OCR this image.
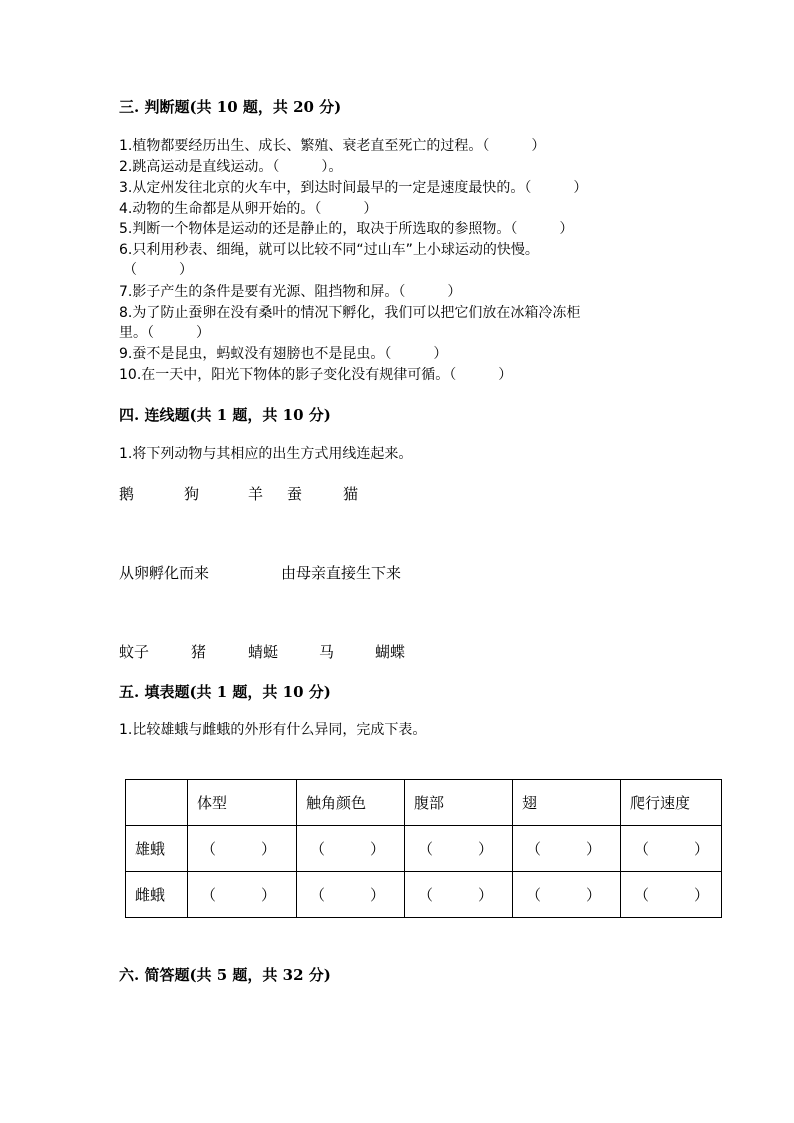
三. 判断题(共 10 题，共 20 分)
1.植物都要经历出生、成长、繁殖、衰老直至死亡的过程。（　　　）
2.跳高运动是直线运动。（　　　）。
3.从定州发往北京的火车中，到达时间最早的一定是速度最快的。（　　　）
4.动物的生命都是从卵开始的。（　　　）
5.判断一个物体是运动的还是静止的，取决于所选取的参照物。（　　　）
6.只利用秒表、细绳，就可以比较不同“过山车”上小球运动的快慢。
（　　　）
7.影子产生的条件是要有光源、阻挡物和屏。（　　　）
8.为了防止蚕卵在没有桑叶的情况下孵化，我们可以把它们放在冰箱冷冻柜
里。（　　　）
9.蚕不是昆虫，蚂蚁没有翅膀也不是昆虫。（　　　）
10.在一天中，阳光下物体的影子变化没有规律可循。（　　　）
四. 连线题(共 1 题，共 10 分)
1.将下列动物与其相应的出生方式用线连起来。
鹅	狗	羊 蚕	猫
从卵孵化而来	由母亲直接生下来
蚊子	猪	蜻蜓	马	蝴蝶
五. 填表题(共 1 题，共 10 分)
1.比较雄蛾与雌蛾的外形有什么异同，完成下表。
	体型	触角颜色	腹部	翅	爬行速度
雄蛾	（　　　）	（　　　）	（　　　）	（　　　）	（　　　）
雌蛾	（　　　）	（　　　）	（　　　）	（　　　）	（　　　）
六. 简答题(共 5 题，共 32 分)
